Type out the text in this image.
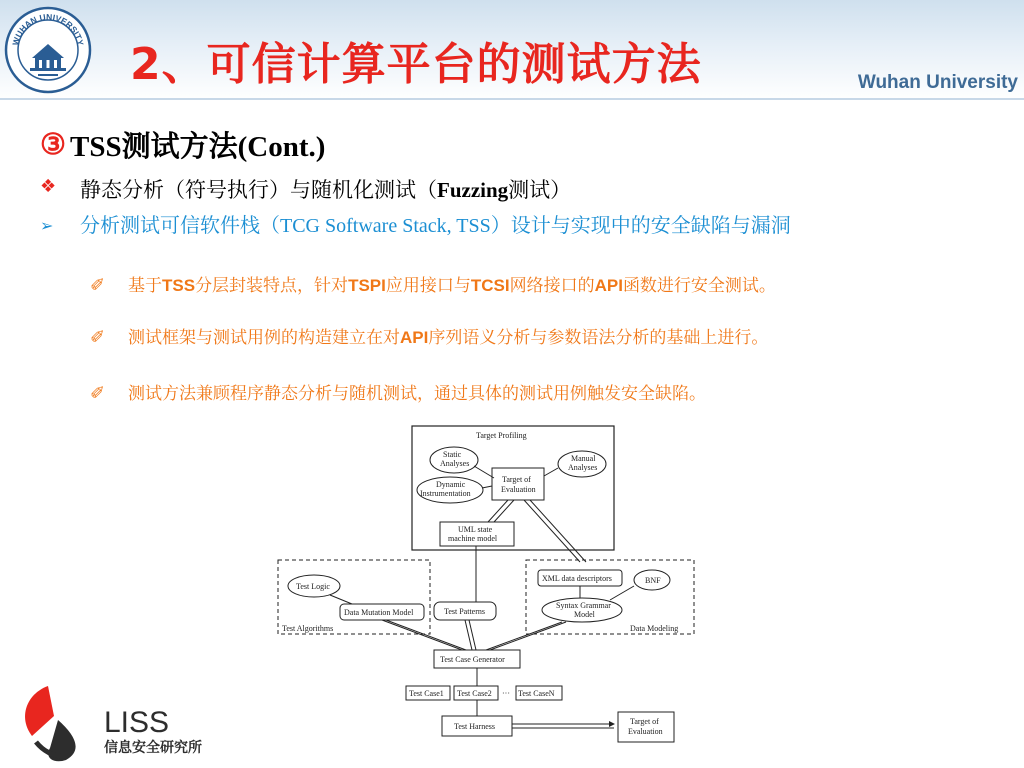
WUHAN UNIVERSITY 2、可信计算平台的测试方法	Wuhan University
③ TSS测试方法(Cont.)
❖	静态分析（符号执行）与随机化测试（Fuzzing测试）
➢	分析测试可信软件栈（TCG Software Stack, TSS）设计与实现中的安全缺陷与漏洞
✐	基于TSS分层封装特点，针对TSPI应用接口与TCSI网络接口的API函数进行安全测试。
✐	测试框架与测试用例的构造建立在对API序列语义分析与参数语法分析的基础上进行。
✐	测试方法兼顾程序静态分析与随机测试，通过具体的测试用例触发安全缺陷。
Target Profiling
Static
Analyses
Manual
Analyses
Dynamic
Instrumentation
Target of
Evaluation
UML state
machine model
Test Algorithms
Test Logic
Data Mutation Model	Test Patterns
Data Modeling
XML data descriptors	BNF
Syntax Grammar
Model
Test Case Generator
Test Case1 Test Case2 ··· Test CaseN
Test Harness
Target of
Evaluation
LISS
信息安全研究所
